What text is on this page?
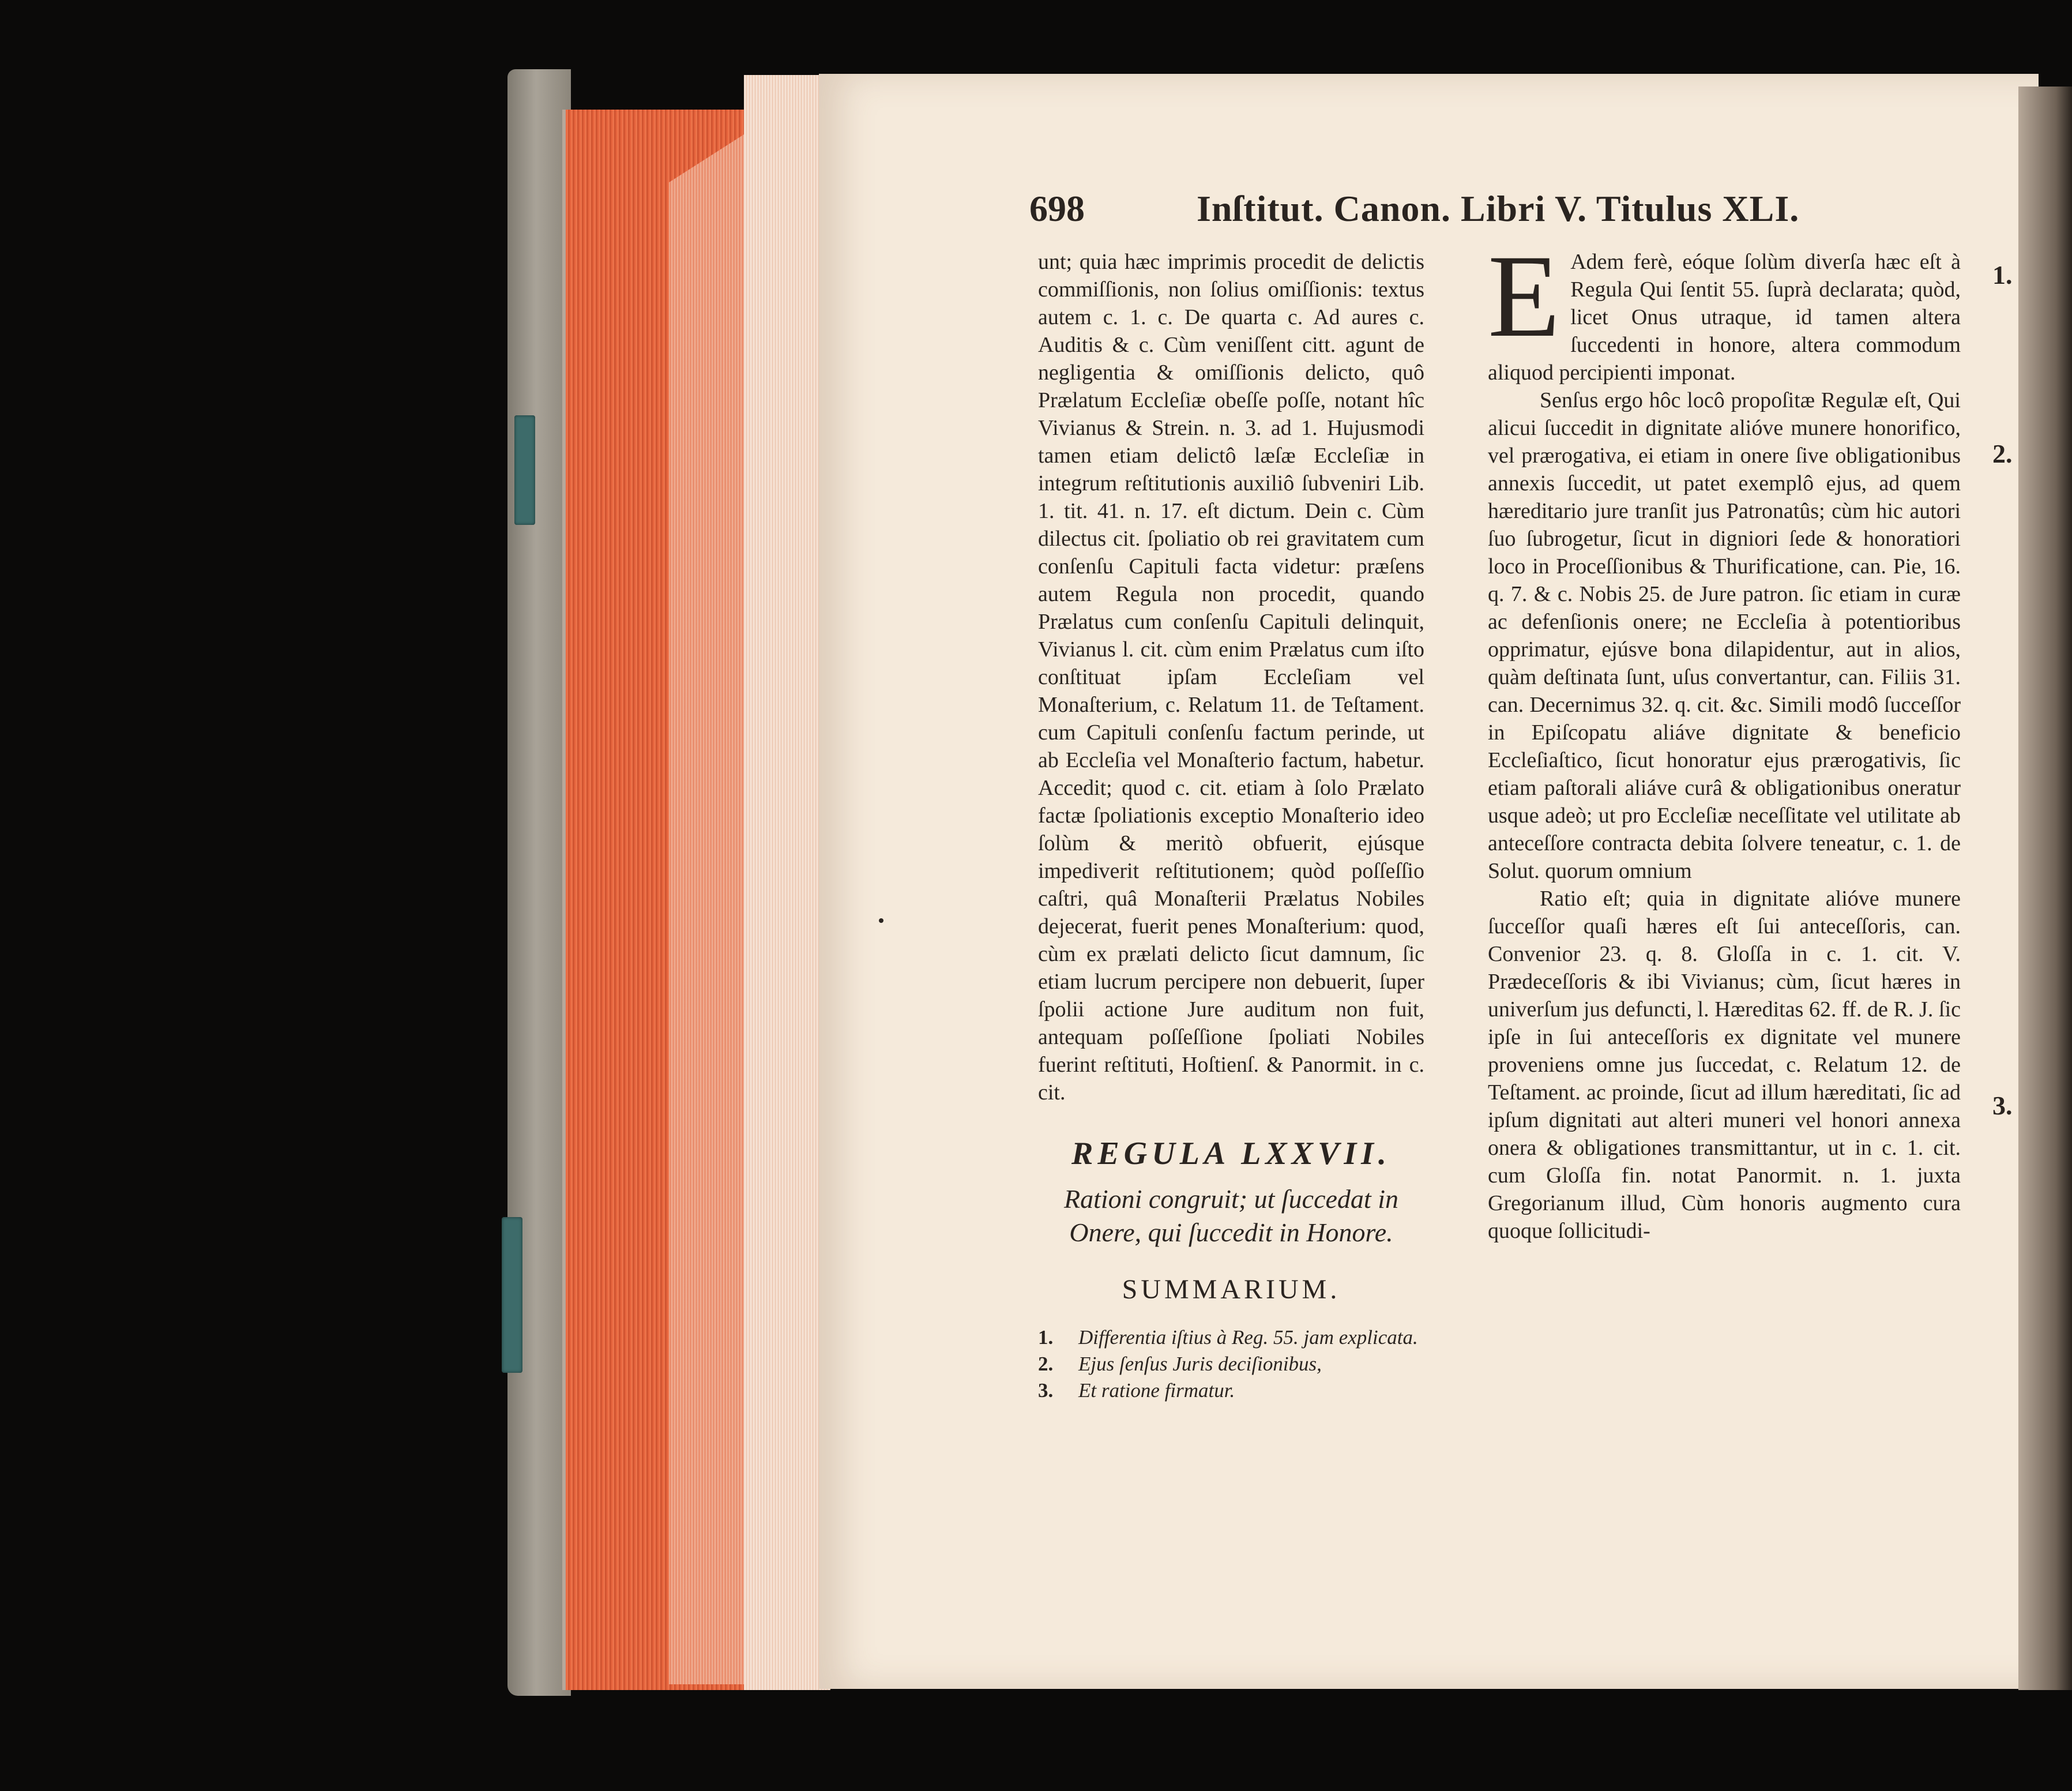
698	Inſtitut. Canon. Libri V. Titulus XLI.

unt; quia hæc imprimis procedit de delictis commiſſionis, non ſolius omiſſionis: textus autem c. 1. c. De quarta c. Ad aures c. Auditis & c. Cùm veniſſent citt. agunt de negligentia & omiſſionis delicto, quô Prælatum Eccleſiæ obeſſe poſſe, notant hîc Vivianus & Strein. n. 3. ad 1. Hujusmodi tamen etiam delictô læſæ Eccleſiæ in integrum reſtitutionis auxiliô ſubveniri Lib. 1. tit. 41. n. 17. eſt dictum. Dein c. Cùm dilectus cit. ſpoliatio ob rei gravitatem cum conſenſu Capituli facta videtur: præſens autem Regula non procedit, quando Prælatus cum conſenſu Capituli delinquit, Vivianus l. cit. cùm enim Prælatus cum iſto conſtituat ipſam Eccleſiam vel Monaſterium, c. Relatum 11. de Teſtament. cum Capituli conſenſu factum perinde, ut ab Eccleſia vel Monaſterio factum, habetur. Accedit; quod c. cit. etiam à ſolo Prælato factæ ſpoliationis exceptio Monaſterio ideo ſolùm & meritò obfuerit, ejúsque impediverit reſtitutionem; quòd poſſeſſio caſtri, quâ Monaſterii Prælatus Nobiles dejecerat, fuerit penes Monaſterium: quod, cùm ex prælati delicto ſicut damnum, ſic etiam lucrum percipere non debuerit, ſuper ſpolii actione Jure auditum non fuit, antequam poſſeſſione ſpoliati Nobiles fuerint reſtituti, Hoſtienſ. & Panormit. in c. cit.

REGULA LXXVII.
Rationi congruit; ut ſuccedat in Onere, qui ſuccedit in Honore.
SUMMARIUM.
1. Differentia iſtius à Reg. 55. jam explicata.
2. Ejus ſenſus Juris deciſionibus,
3. Et ratione firmatur.
E Adem ferè, eóque ſolùm diverſa hæc eſt à Regula Qui ſentit 55. ſuprà declarata; quòd, licet Onus utraque, id tamen altera ſuccedenti in honore, altera commodum aliquod percipienti imponat.

Senſus ergo hôc locô propoſitæ Regulæ eſt, Qui alicui ſuccedit in dignitate alióve munere honorifico, vel prærogativa, ei etiam in onere ſive obligationibus annexis ſuccedit, ut patet exemplô ejus, ad quem hæreditario jure tranſit jus Patronatûs; cùm hic autori ſuo ſubrogetur, ſicut in digniori ſede & honoratiori loco in Proceſſionibus & Thurificatione, can. Pie, 16. q. 7. & c. Nobis 25. de Jure patron. ſic etiam in curæ ac defenſionis onere; ne Eccleſia à potentioribus opprimatur, ejúsve bona dilapidentur, aut in alios, quàm deſtinata ſunt, uſus convertantur, can. Filiis 31. can. Decernimus 32. q. cit. &c. Simili modô ſucceſſor in Epiſcopatu aliáve dignitate & beneficio Eccleſiaſtico, ſicut honoratur ejus prærogativis, ſic etiam paſtorali aliáve curâ & obligationibus oneratur usque adeò; ut pro Eccleſiæ neceſſitate vel utilitate ab anteceſſore contracta debita ſolvere teneatur, c. 1. de Solut. quorum omnium

Ratio eſt; quia in dignitate alióve munere ſucceſſor quaſi hæres eſt ſui anteceſſoris, can. Convenior 23. q. 8. Gloſſa in c. 1. cit. V. Prædeceſſoris & ibi Vivianus; cùm, ſicut hæres in univerſum jus defuncti, l. Hæreditas 62. ff. de R. J. ſic ipſe in ſui anteceſſoris ex dignitate vel munere proveniens omne jus ſuccedat, c. Relatum 12. de Teſtament. ac proinde, ſicut ad illum hæreditati, ſic ad ipſum dignitati aut alteri muneri vel honori annexa onera & obligationes transmittantur, ut in c. 1. cit. cum Gloſſa fin. notat Panormit. n. 1. juxta Gregorianum illud, Cùm honoris augmento cura quoque ſollicitudi-

1.
2.
3.
